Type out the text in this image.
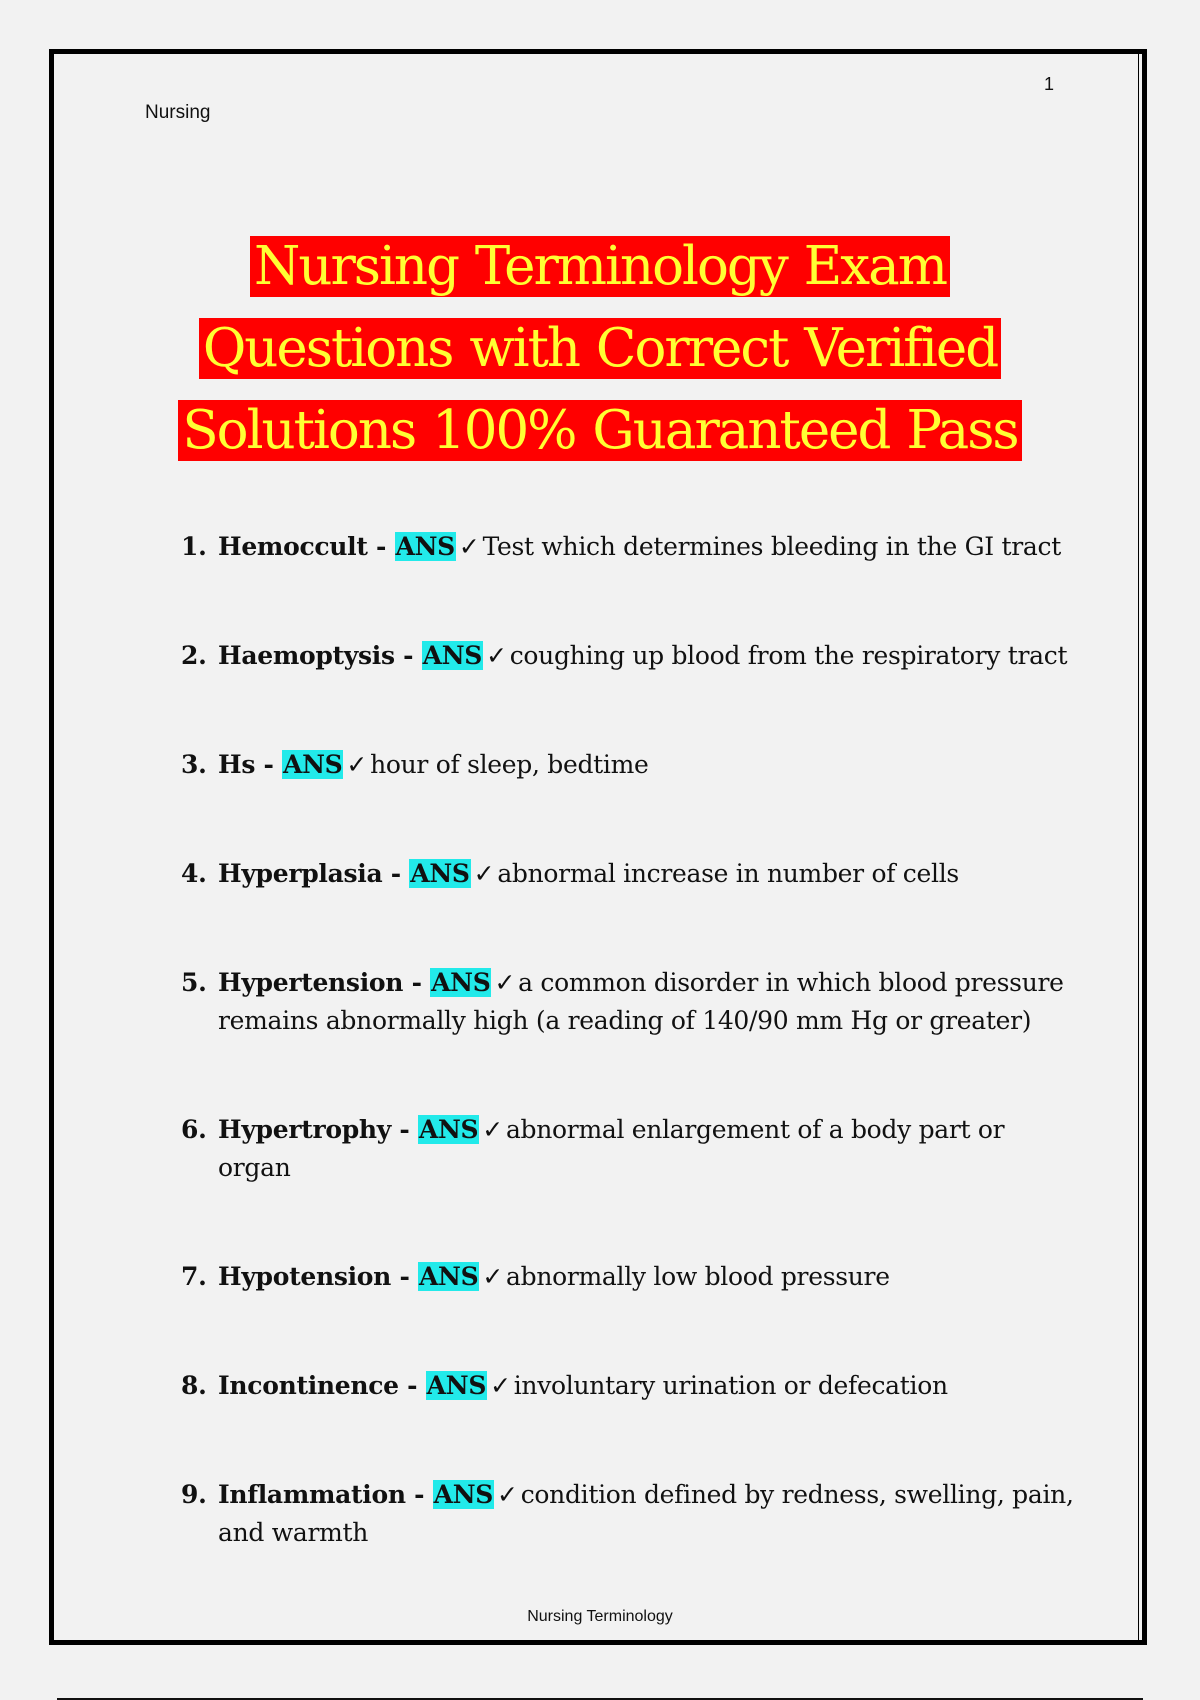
Nursing
1
Nursing Terminology Exam
Questions with Correct Verified
Solutions 100% Guaranteed Pass
1. Hemoccult - ANS ✓ Test which determines bleeding in the GI tract
2. Haemoptysis - ANS ✓ coughing up blood from the respiratory tract
3. Hs - ANS ✓ hour of sleep, bedtime
4. Hyperplasia - ANS ✓ abnormal increase in number of cells
5. Hypertension - ANS ✓ a common disorder in which blood pressure remains abnormally high (a reading of 140/90 mm Hg or greater)
6. Hypertrophy - ANS ✓ abnormal enlargement of a body part or organ
7. Hypotension - ANS ✓ abnormally low blood pressure
8. Incontinence - ANS ✓ involuntary urination or defecation
9. Inflammation - ANS ✓ condition defined by redness, swelling, pain, and warmth
Nursing Terminology
